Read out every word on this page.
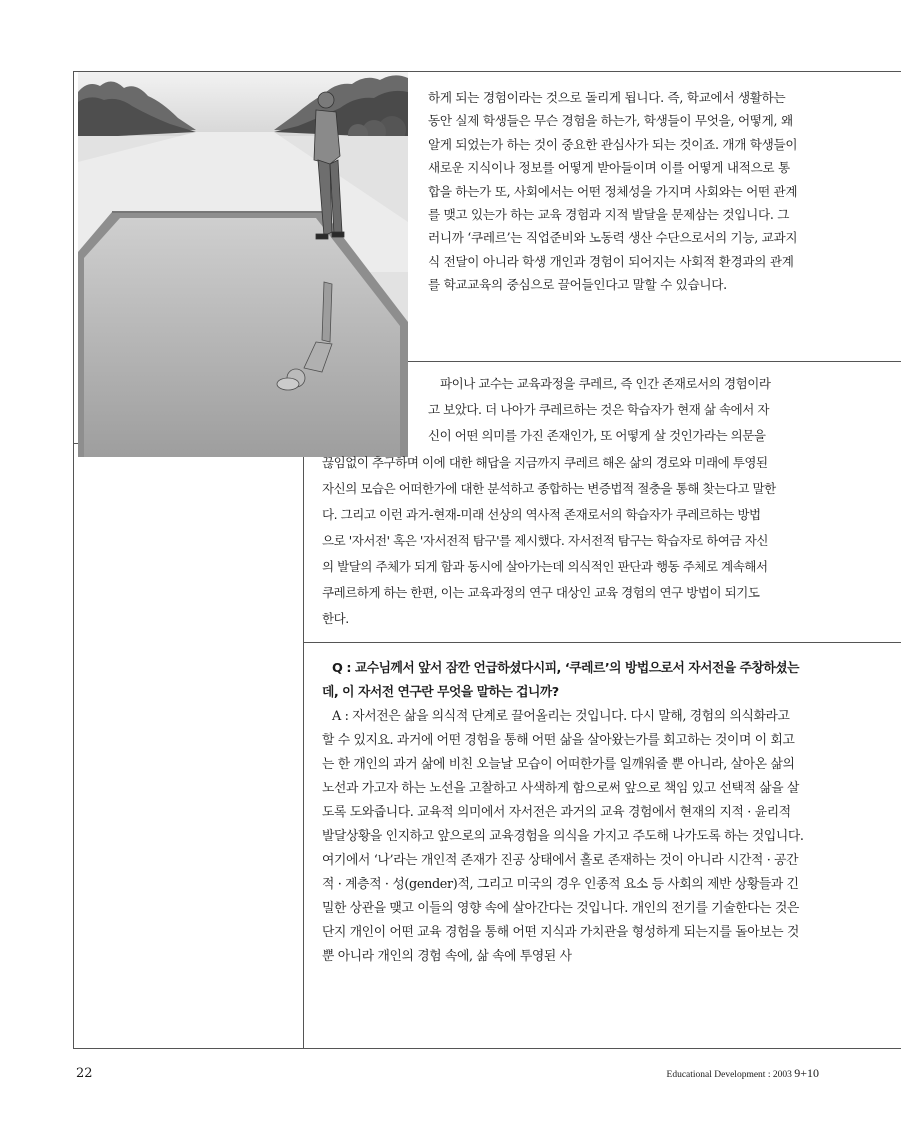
하게 되는 경험이라는 것으로 돌리게 됩니다. 즉, 학교에서 생활하는 동안 실제 학생들은 무슨 경험을 하는가, 학생들이 무엇을, 어떻게, 왜 알게 되었는가 하는 것이 중요한 관심사가 되는 것이죠. 개개 학생들이 새로운 지식이나 정보를 어떻게 받아들이며 이를 어떻게 내적으로 통합을 하는가 또, 사회에서는 어떤 정체성을 가지며 사회와는 어떤 관계를 맺고 있는가 하는 교육 경험과 지적 발달을 문제삼는 것입니다. 그러니까 ‘쿠레르’는 직업준비와 노동력 생산 수단으로서의 기능, 교과지식 전달이 아니라 학생 개인과 경험이 되어지는 사회적 환경과의 관계를 학교교육의 중심으로 끌어들인다고 말할 수 있습니다.

파이나 교수는 교육과정을 쿠레르, 즉 인간 존재로서의 경험이라
고 보았다. 더 나아가 쿠레르하는 것은 학습자가 현재 삶 속에서 자
신이 어떤 의미를 가진 존재인가, 또 어떻게 살 것인가라는 의문을
끊임없이 추구하며 이에 대한 해답을 지금까지 쿠레르 해온 삶의 경로와 미래에 투영된
자신의 모습은 어떠한가에 대한 분석하고 종합하는 변증법적 절충을 통해 찾는다고 말한
다. 그리고 이런 과거-현재-미래 선상의 역사적 존재로서의 학습자가 쿠레르하는 방법
으로 '자서전' 혹은 '자서전적 탐구'를 제시했다. 자서전적 탐구는 학습자로 하여금 자신
의 발달의 주체가 되게 함과 동시에 살아가는데 의식적인 판단과 행동 주체로 계속해서
쿠레르하게 하는 한편, 이는 교육과정의 연구 대상인 교육 경험의 연구 방법이 되기도
한다.

Q : 교수님께서 앞서 잠깐 언급하셨다시피, ‘쿠레르’의 방법으로서 자서전을 주창하셨는데, 이 자서전 연구란 무엇을 말하는 겁니까?

A : 자서전은 삶을 의식적 단계로 끌어올리는 것입니다. 다시 말해, 경험의 의식화라고 할 수 있지요. 과거에 어떤 경험을 통해 어떤 삶을 살아왔는가를 회고하는 것이며 이 회고는 한 개인의 과거 삶에 비친 오늘날 모습이 어떠한가를 일깨워줄 뿐 아니라, 살아온 삶의 노선과 가고자 하는 노선을 고찰하고 사색하게 함으로써 앞으로 책임 있고 선택적 삶을 살도록 도와줍니다. 교육적 의미에서 자서전은 과거의 교육 경험에서 현재의 지적 · 윤리적 발달상황을 인지하고 앞으로의 교육경험을 의식을 가지고 주도해 나가도록 하는 것입니다. 여기에서 ‘나’라는 개인적 존재가 진공 상태에서 홀로 존재하는 것이 아니라 시간적 · 공간적 · 계층적 · 성(gender)적, 그리고 미국의 경우 인종적 요소 등 사회의 제반 상황들과 긴밀한 상관을 맺고 이들의 영향 속에 살아간다는 것입니다. 개인의 전기를 기술한다는 것은 단지 개인이 어떤 교육 경험을 통해 어떤 지식과 가치관을 형성하게 되는지를 돌아보는 것뿐 아니라 개인의 경험 속에, 삶 속에 투영된 사

22	Educational Development : 2003 9+10
